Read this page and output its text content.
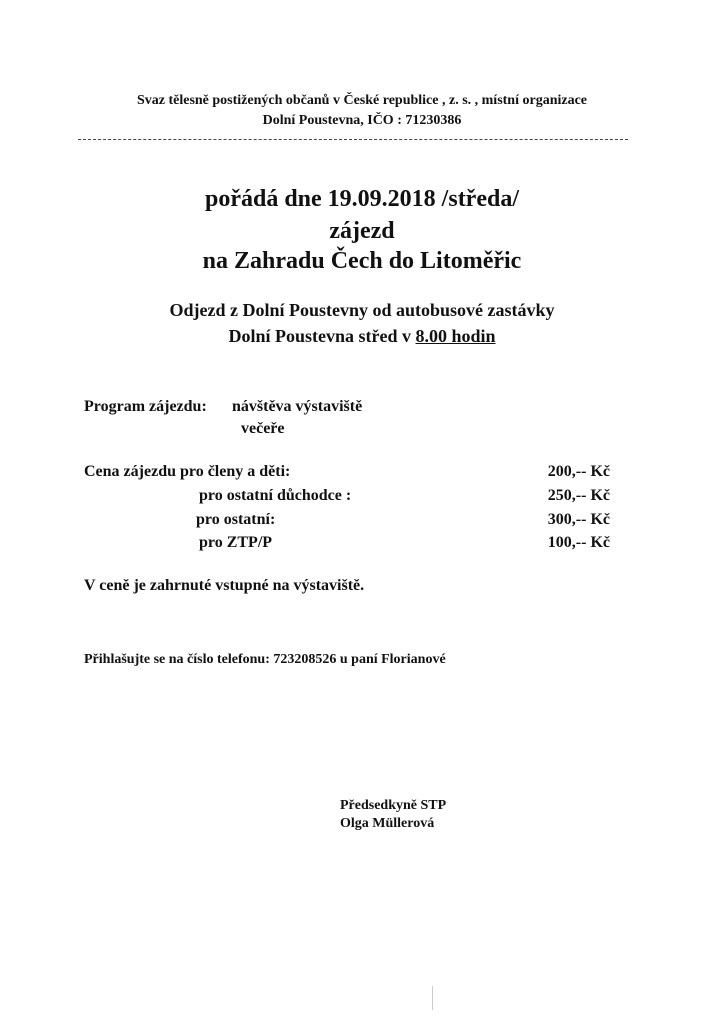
Svaz tělesně postižených občanů v České republice , z. s. , místní organizace
Dolní Poustevna, IČO : 71230386
pořádá dne 19.09.2018 /středa/
zájezd
na Zahradu Čech do Litoměřic
Odjezd z Dolní Poustevny od autobusové zastávky
Dolní Poustevna střed v 8.00 hodin
Program zájezdu: návštěva výstaviště
večeře
Cena zájezdu pro členy a děti:	200,-- Kč
pro ostatní důchodce :	250,-- Kč
pro ostatní:	300,-- Kč
pro ZTP/P	100,-- Kč
V ceně je zahrnuté vstupné na výstaviště.
Přihlašujte se na číslo telefonu: 723208526 u paní Florianové
Předsedkyně STP
Olga Müllerová
